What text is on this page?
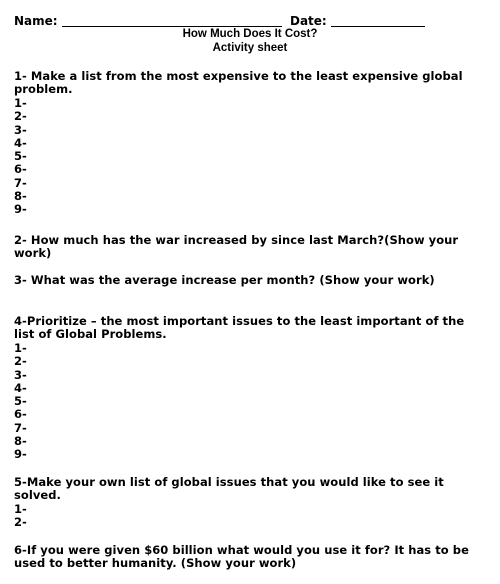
Name:	Date:
How Much Does It Cost?
Activity sheet
1- Make a list from the most expensive to the least expensive global problem.
1-
2-
3-
4-
5-
6-
7-
8-
9-
2- How much has the war increased by since last March?(Show your work)
3- What was the average increase per month? (Show your work)
4-Prioritize – the most important issues to the least important of the list of Global Problems.
1-
2-
3-
4-
5-
6-
7-
8-
9-
5-Make your own list of global issues that you would like to see it solved.
1-
2-
6-If you were given $60 billion what would you use it for? It has to be used to better humanity. (Show your work)
